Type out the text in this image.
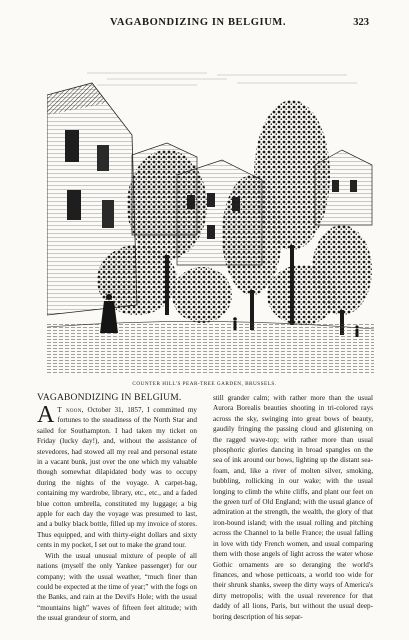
VAGABONDIZING IN BELGIUM.	323
COUNTER HILL'S PEAR-TREE GARDEN, BRUSSELS.
VAGABONDIZING IN BELGIUM.

A T noon, October 31, 1857, I committed my fortunes to the steadiness of the North Star and sailed for Southampton. I had taken my ticket on Friday (lucky day!), and, without the assistance of stevedores, had stowed all my real and personal estate in a vacant bunk, just over the one which my valuable though somewhat dilapidated body was to occupy during the nights of the voyage. A carpet-bag, containing my wardrobe, library, etc., etc., and a faded blue cotton umbrella, constituted my luggage; a big apple for each day the voyage was presumed to last, and a bulky black bottle, filled up my invoice of stores. Thus equipped, and with thirty-eight dollars and sixty cents in my pocket, I set out to make the grand tour.

With the usual unusual mixture of people of all nations (myself the only Yankee passenger) for our company; with the usual weather, “much finer than could be expected at the time of year;” with the fogs on the Banks, and rain at the Devil's Hole; with the usual “mountains high” waves of fifteen feet altitude; with the usual grandeur of storm, and

still grander calm; with rather more than the usual Aurora Borealis beauties shooting in tri-colored rays across the sky, swinging into great bows of beauty, gaudily fringing the passing cloud and glistening on the ragged wave-top; with rather more than usual phosphoric glories dancing in broad spangles on the sea of ink around our bows, lighting up the distant sea-foam, and, like a river of molten silver, smoking, bubbling, rollicking in our wake; with the usual longing to climb the white cliffs, and plant our feet on the green turf of Old England; with the usual glance of admiration at the strength, the wealth, the glory of that iron-bound island; with the usual rolling and pitching across the Channel to la belle France; the usual falling in love with tidy French women, and usual comparing them with those angels of light across the water whose Gothic ornaments are so deranging the world's finances, and whose petticoats, a world too wide for their shrunk shanks, sweep the dirty ways of America's dirty metropolis; with the usual reverence for that daddy of all lions, Paris, but without the usual deep-boring description of his separ-
